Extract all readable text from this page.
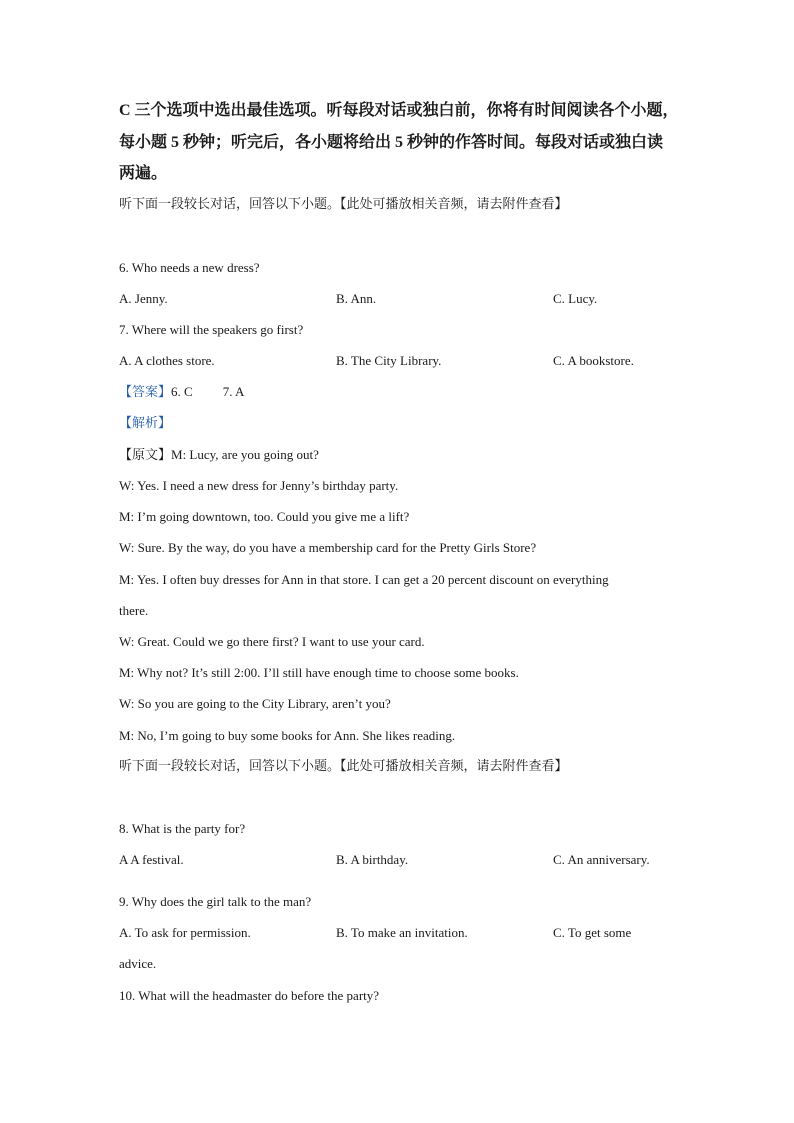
C 三个选项中选出最佳选项。听每段对话或独白前，你将有时间阅读各个小题，
每小题 5 秒钟；听完后，各小题将给出 5 秒钟的作答时间。每段对话或独白读
两遍。
听下面一段较长对话，回答以下小题。【此处可播放相关音频，请去附件查看】
6. Who needs a new dress?
A. Jenny.	B. Ann.	C. Lucy.
7. Where will the speakers go first?
A. A clothes store.	B. The City Library.	C. A bookstore.
【答案】6. C 7. A
【解析】
【原文】M: Lucy, are you going out?
W: Yes. I need a new dress for Jenny’s birthday party.
M: I’m going downtown, too. Could you give me a lift?
W: Sure. By the way, do you have a membership card for the Pretty Girls Store?
M: Yes. I often buy dresses for Ann in that store. I can get a 20 percent discount on everything
there.
W: Great. Could we go there first? I want to use your card.
M: Why not? It’s still 2:00. I’ll still have enough time to choose some books.
W: So you are going to the City Library, aren’t you?
M: No, I’m going to buy some books for Ann. She likes reading.
听下面一段较长对话，回答以下小题。【此处可播放相关音频，请去附件查看】
8. What is the party for?
A A festival.	B. A birthday.	C. An anniversary.
9. Why does the girl talk to the man?
A. To ask for permission.	B. To make an invitation.	C. To get some
advice.
10. What will the headmaster do before the party?
